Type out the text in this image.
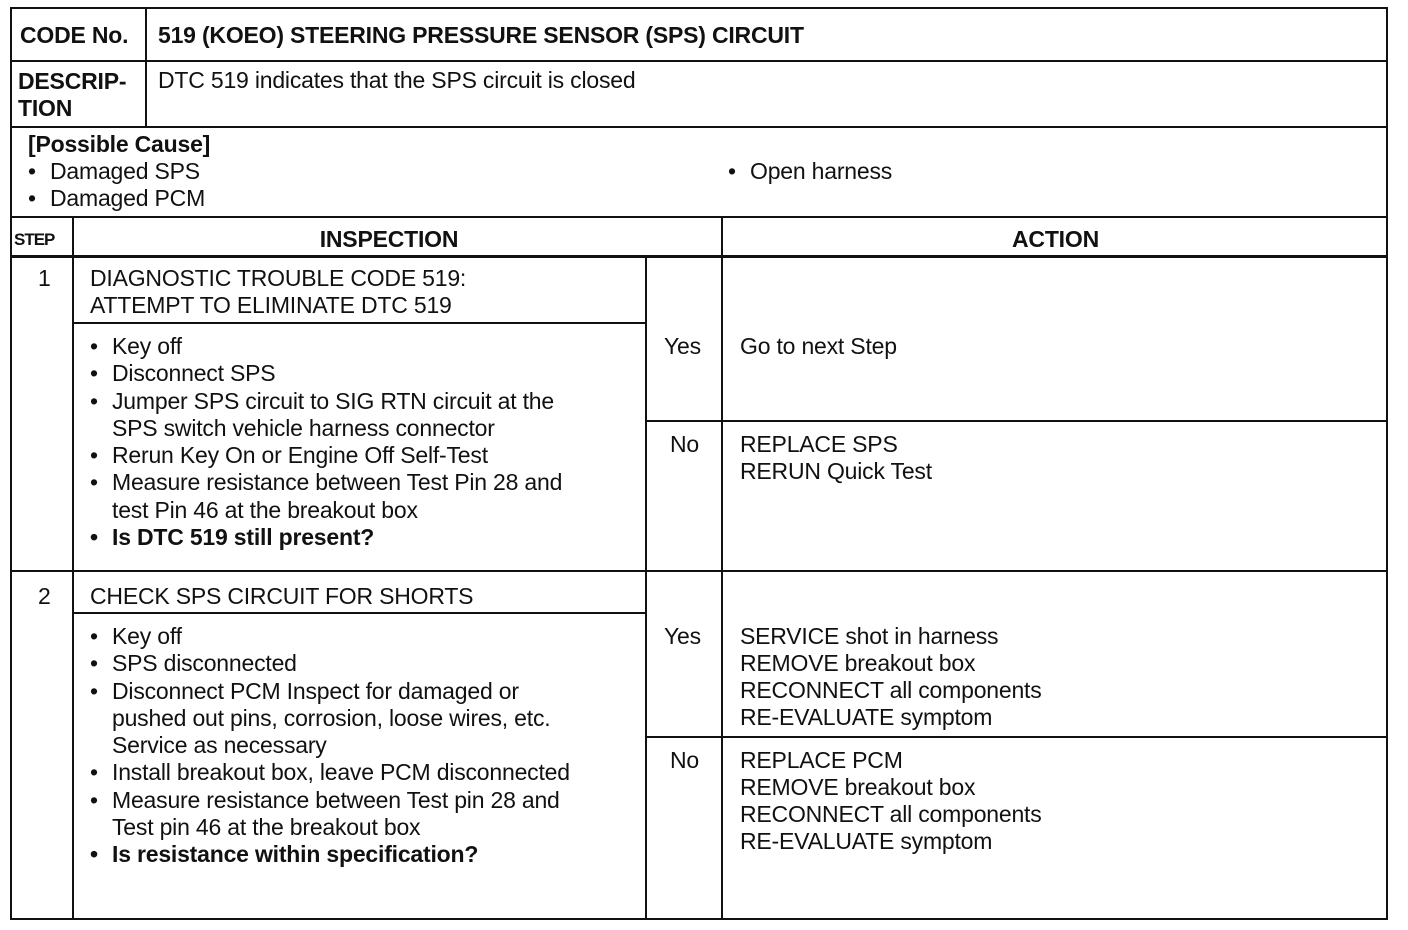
CODE No. 519 (KOEO) STEERING PRESSURE SENSOR (SPS) CIRCUIT
DESCRIP-
TION
DTC 519 indicates that the SPS circuit is closed
[Possible Cause]
• Damaged SPS
• Damaged PCM
• Open harness
STEP	INSPECTION	ACTION
1 DIAGNOSTIC TROUBLE CODE 519:
ATTEMPT TO ELIMINATE DTC 519
• Key off
• Disconnect SPS
• Jumper SPS circuit to SIG RTN circuit at the
SPS switch vehicle harness connector
• Rerun Key On or Engine Off Self-Test
• Measure resistance between Test Pin 28 and
test Pin 46 at the breakout box
• Is DTC 519 still present?
Yes Go to next Step
No REPLACE SPS
RERUN Quick Test
2 CHECK SPS CIRCUIT FOR SHORTS
• Key off
• SPS disconnected
• Disconnect PCM Inspect for damaged or
pushed out pins, corrosion, loose wires, etc.
Service as necessary
• Install breakout box, leave PCM disconnected
• Measure resistance between Test pin 28 and
Test pin 46 at the breakout box
• Is resistance within specification?
Yes SERVICE shot in harness
REMOVE breakout box
RECONNECT all components
RE-EVALUATE symptom
No REPLACE PCM
REMOVE breakout box
RECONNECT all components
RE-EVALUATE symptom
